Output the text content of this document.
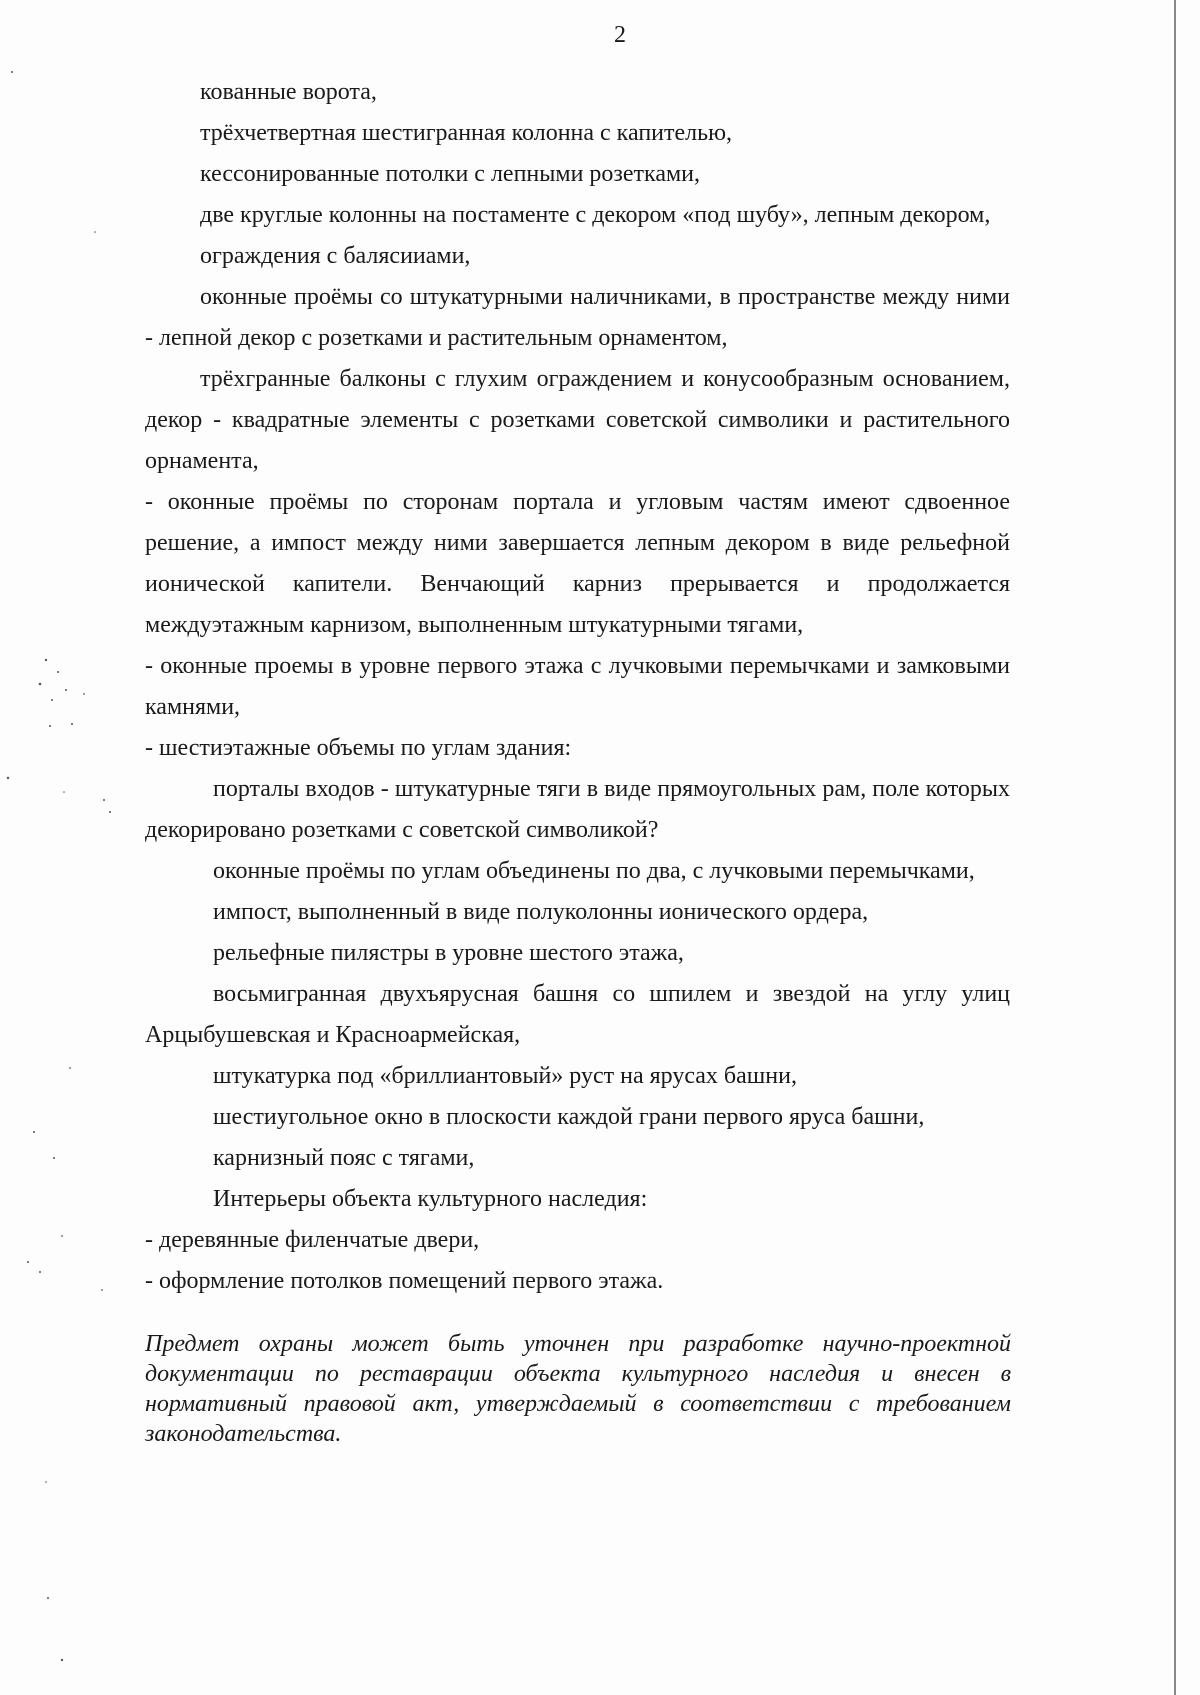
2

кованные ворота,

трёхчетвертная шестигранная колонна с капителью,

кессонированные потолки с лепными розетками,

две круглые колонны на постаменте с декором «под шубу», лепным декором,

ограждения с балясииами,

оконные проёмы со штукатурными наличниками, в пространстве между ними - лепной декор с розетками и растительным орнаментом,

трёхгранные балконы с глухим ограждением и конусообразным основанием, декор - квадратные элементы с розетками советской символики и растительного орнамента,

- оконные проёмы по сторонам портала и угловым частям имеют сдвоенное решение, а импост между ними завершается лепным декором в виде рельефной ионической капители. Венчающий карниз прерывается и продолжается междуэтажным карнизом, выполненным штукатурными тягами,

- оконные проемы в уровне первого этажа с лучковыми перемычками и замковыми камнями,

- шестиэтажные объемы по углам здания:

порталы входов - штукатурные тяги в виде прямоугольных рам, поле которых декорировано розетками с советской символикой?

оконные проёмы по углам объединены по два, с лучковыми перемычками,

импост, выполненный в виде полуколонны ионического ордера,

рельефные пилястры в уровне шестого этажа,

восьмигранная двухъярусная башня со шпилем и звездой на углу улиц Арцыбушевская и Красноармейская,

штукатурка под «бриллиантовый» руст на ярусах башни,

шестиугольное окно в плоскости каждой грани первого яруса башни,

карнизный пояс с тягами,

Интерьеры объекта культурного наследия:

- деревянные филенчатые двери,

- оформление потолков помещений первого этажа.

Предмет охраны может быть уточнен при разработке научно-проектной документации по реставрации объекта культурного наследия и внесен в нормативный правовой акт, утверждаемый в соответствии с требованием законодательства.
